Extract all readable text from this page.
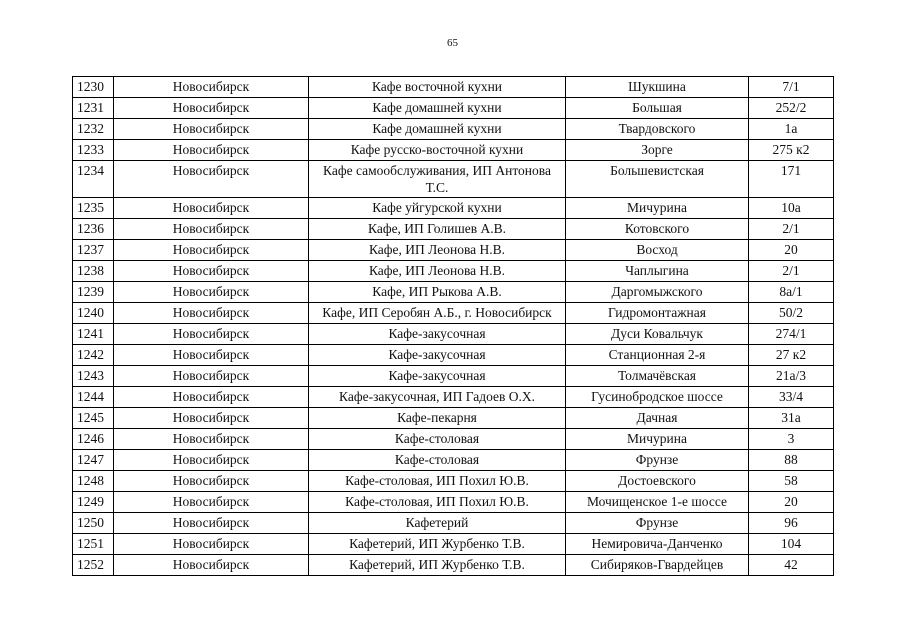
65
1230	Новосибирск	Кафе восточной кухни	Шукшина	7/1
1231	Новосибирск	Кафе домашней кухни	Большая	252/2
1232	Новосибирск	Кафе домашней кухни	Твардовского	1а
1233	Новосибирск	Кафе русско-восточной кухни	Зорге	275 к2
1234	Новосибирск	Кафе самообслуживания, ИП Антонова Т.С.	Большевистская	171
1235	Новосибирск	Кафе уйгурской кухни	Мичурина	10а
1236	Новосибирск	Кафе, ИП Голишев А.В.	Котовского	2/1
1237	Новосибирск	Кафе, ИП Леонова Н.В.	Восход	20
1238	Новосибирск	Кафе, ИП Леонова Н.В.	Чаплыгина	2/1
1239	Новосибирск	Кафе, ИП Рыкова А.В.	Даргомыжского	8а/1
1240	Новосибирск	Кафе, ИП Серобян А.Б., г. Новосибирск	Гидромонтажная	50/2
1241	Новосибирск	Кафе-закусочная	Дуси Ковальчук	274/1
1242	Новосибирск	Кафе-закусочная	Станционная 2-я	27 к2
1243	Новосибирск	Кафе-закусочная	Толмачёвская	21а/3
1244	Новосибирск	Кафе-закусочная, ИП Гадоев О.Х.	Гусинобродское шоссе	33/4
1245	Новосибирск	Кафе-пекарня	Дачная	31а
1246	Новосибирск	Кафе-столовая	Мичурина	3
1247	Новосибирск	Кафе-столовая	Фрунзе	88
1248	Новосибирск	Кафе-столовая, ИП Похил Ю.В.	Достоевского	58
1249	Новосибирск	Кафе-столовая, ИП Похил Ю.В.	Мочищенское 1-е шоссе	20
1250	Новосибирск	Кафетерий	Фрунзе	96
1251	Новосибирск	Кафетерий, ИП Журбенко Т.В.	Немировича-Данченко	104
1252	Новосибирск	Кафетерий, ИП Журбенко Т.В.	Сибиряков-Гвардейцев	42
